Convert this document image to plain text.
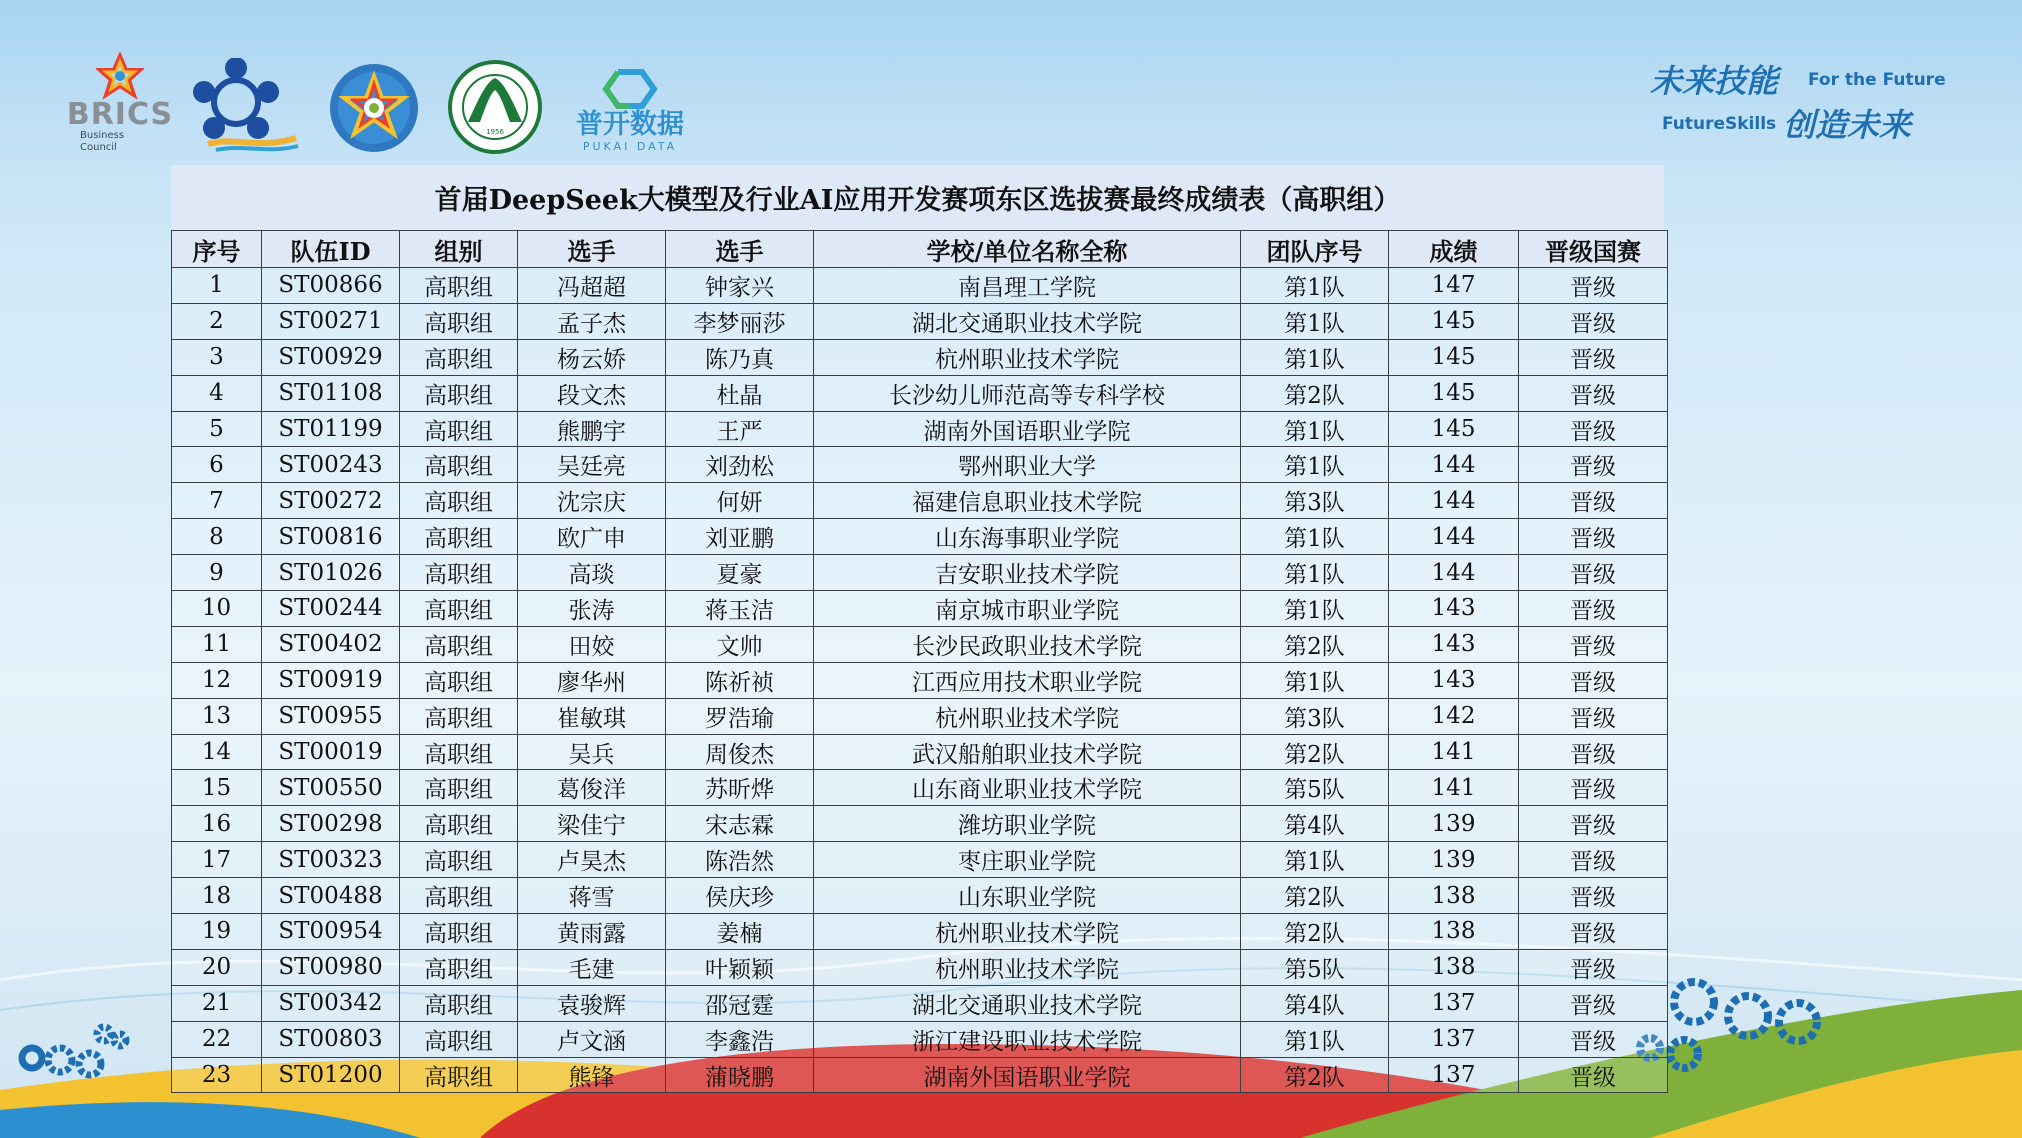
BRICS
Business Council
1956	普开数据
PUKAI DATA
未来技能 For the Future
FutureSkills 创造未来
首届DeepSeek大模型及行业AI应用开发赛项东区选拔赛最终成绩表（高职组）
序号	队伍ID	组别	选手	选手	学校/单位名称全称	团队序号	成绩	晋级国赛
1	ST00866	高职组	冯超超	钟家兴	南昌理工学院	第1队	147	晋级
2	ST00271	高职组	孟子杰	李梦丽莎	湖北交通职业技术学院	第1队	145	晋级
3	ST00929	高职组	杨云娇	陈乃真	杭州职业技术学院	第1队	145	晋级
4	ST01108	高职组	段文杰	杜晶	长沙幼儿师范高等专科学校	第2队	145	晋级
5	ST01199	高职组	熊鹏宇	王严	湖南外国语职业学院	第1队	145	晋级
6	ST00243	高职组	吴廷亮	刘劲松	鄂州职业大学	第1队	144	晋级
7	ST00272	高职组	沈宗庆	何妍	福建信息职业技术学院	第3队	144	晋级
8	ST00816	高职组	欧广申	刘亚鹏	山东海事职业学院	第1队	144	晋级
9	ST01026	高职组	高琰	夏豪	吉安职业技术学院	第1队	144	晋级
10	ST00244	高职组	张涛	蒋玉洁	南京城市职业学院	第1队	143	晋级
11	ST00402	高职组	田姣	文帅	长沙民政职业技术学院	第2队	143	晋级
12	ST00919	高职组	廖华州	陈祈祯	江西应用技术职业学院	第1队	143	晋级
13	ST00955	高职组	崔敏琪	罗浩瑜	杭州职业技术学院	第3队	142	晋级
14	ST00019	高职组	吴兵	周俊杰	武汉船舶职业技术学院	第2队	141	晋级
15	ST00550	高职组	葛俊洋	苏昕烨	山东商业职业技术学院	第5队	141	晋级
16	ST00298	高职组	梁佳宁	宋志霖	潍坊职业学院	第4队	139	晋级
17	ST00323	高职组	卢昊杰	陈浩然	枣庄职业学院	第1队	139	晋级
18	ST00488	高职组	蒋雪	侯庆珍	山东职业学院	第2队	138	晋级
19	ST00954	高职组	黄雨露	姜楠	杭州职业技术学院	第2队	138	晋级
20	ST00980	高职组	毛建	叶颖颖	杭州职业技术学院	第5队	138	晋级
21	ST00342	高职组	袁骏辉	邵冠霆	湖北交通职业技术学院	第4队	137	晋级
22	ST00803	高职组	卢文涵	李鑫浩	浙江建设职业技术学院	第1队	137	晋级
23	ST01200	高职组	熊锋	蒲晓鹏	湖南外国语职业学院	第2队	137	晋级
